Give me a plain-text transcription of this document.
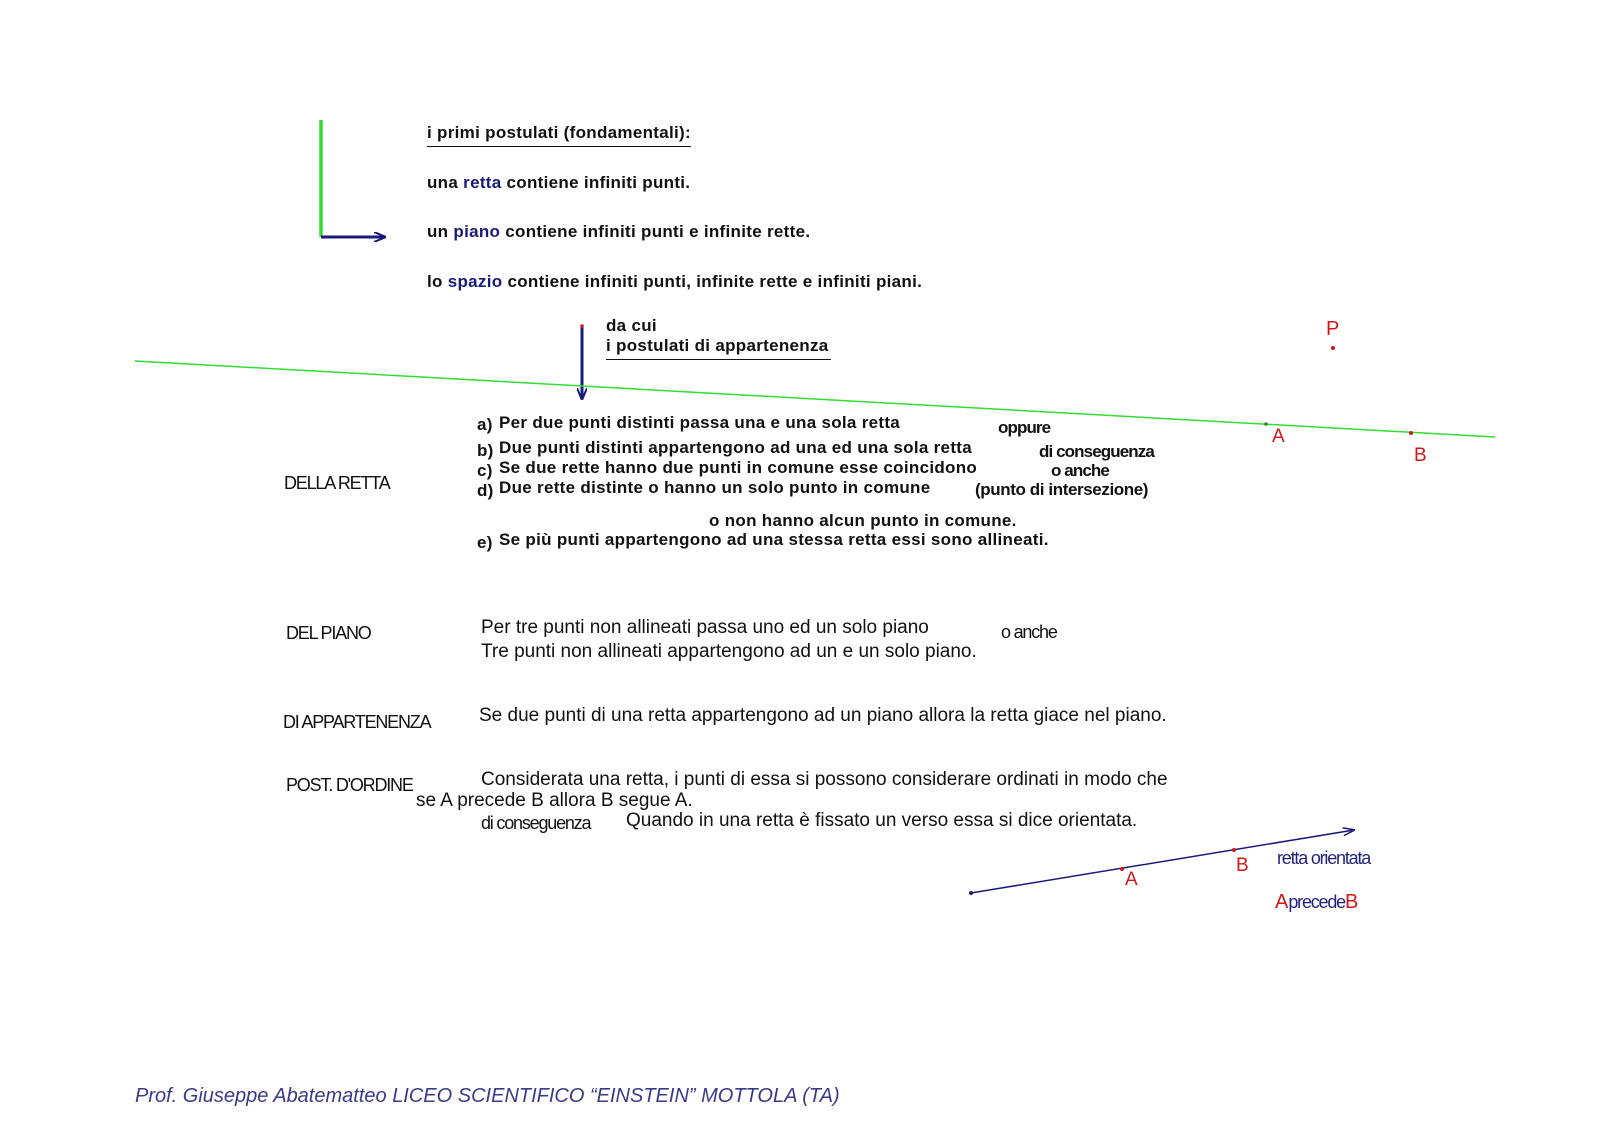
i primi postulati (fondamentali):
una retta contiene infiniti punti.
un piano contiene infiniti punti e infinite rette.
lo spazio contiene infiniti punti, infinite rette e infiniti piani.
da cui
i postulati di appartenenza
P
A
B
DELLA RETTA
a) Per due punti distinti passa una e una sola retta	oppure
b) Due punti distinti appartengono ad una ed una sola retta	di conseguenza
c) Se due rette hanno due punti in comune esse coincidono	o anche
d) Due rette distinte o hanno un solo punto in comune	(punto di intersezione)
o non hanno alcun punto in comune.
e) Se più punti appartengono ad una stessa retta essi sono allineati.
DEL PIANO	Per tre punti non allineati passa uno ed un solo piano	o anche
Tre punti non allineati appartengono ad un e un solo piano.
DI APPARTENENZA	Se due punti di una retta appartengono ad un piano allora la retta giace nel piano.
POST. D'ORDINE	Considerata una retta, i punti di essa si possono considerare ordinati in modo che
se A precede B allora B segue A.
di conseguenza Quando in una retta è fissato un verso essa si dice orientata.
A
B retta orientata
AprecedeB
Prof. Giuseppe Abatematteo LICEO SCIENTIFICO “EINSTEIN” MOTTOLA (TA)
